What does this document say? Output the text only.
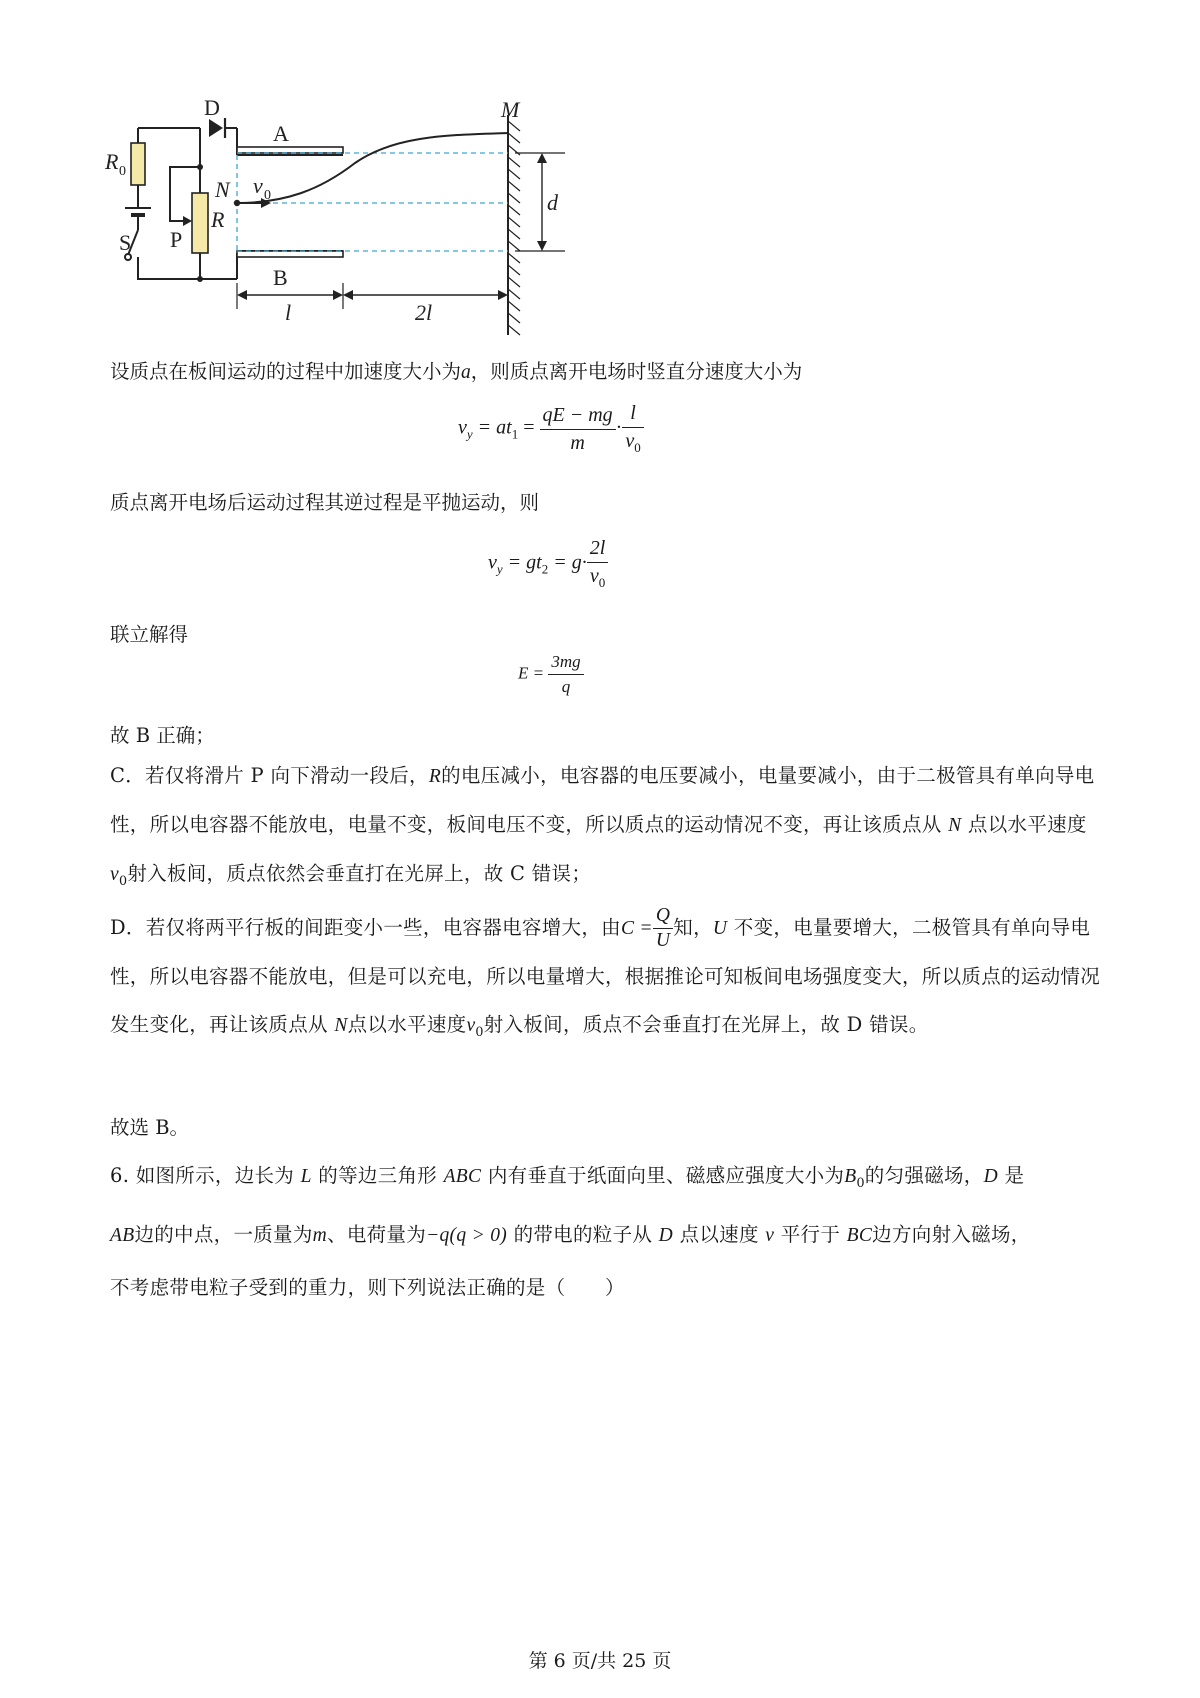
D
A
B
M
R 0
N v 0
R
P
S
d
l	2l
设质点在板间运动的过程中加速度大小为a，则质点离开电场时竖直分速度大小为
$v_y = at_1 = \frac{qE - mg}{m} \cdot \frac{l}{v_0}$
质点离开电场后运动过程其逆过程是平抛运动，则
$v_y = gt_2 = g\cdot \frac{2l}{v_0}$
联立解得
$E = \frac{3mg}{q}$
故 B 正确；
C．若仅将滑片 P 向下滑动一段后，R的电压减小，电容器的电压要减小，电量要减小，由于二极管具有单向导电性，所以电容器不能放电，电量不变，板间电压不变，所以质点的运动情况不变，再让该质点从 N 点以水平速度$v_0$射入板间，质点依然会垂直打在光屏上，故 C 错误；
D．若仅将两平行板的间距变小一些，电容器电容增大，由$C = \frac{Q}{U}$ 知，U 不变，电量要增大，二极管具有单向导电性，所以电容器不能放电，但是可以充电，所以电量增大，根据推论可知板间电场强度变大，所以质点的运动情况发生变化，再让该质点从 N点以水平速度$v_0$射入板间，质点不会垂直打在光屏上，故 D 错误。
故选 B。
6. 如图所示，边长为 L 的等边三角形 ABC 内有垂直于纸面向里、磁感应强度大小为$B_0$的匀强磁场，D 是
AB边的中点，一质量为m、电荷量为−q(q > 0) 的带电的粒子从 D 点以速度 v 平行于 BC边方向射入磁场，
不考虑带电粒子受到的重力，则下列说法正确的是（　　）
第 6 页/共 25 页
